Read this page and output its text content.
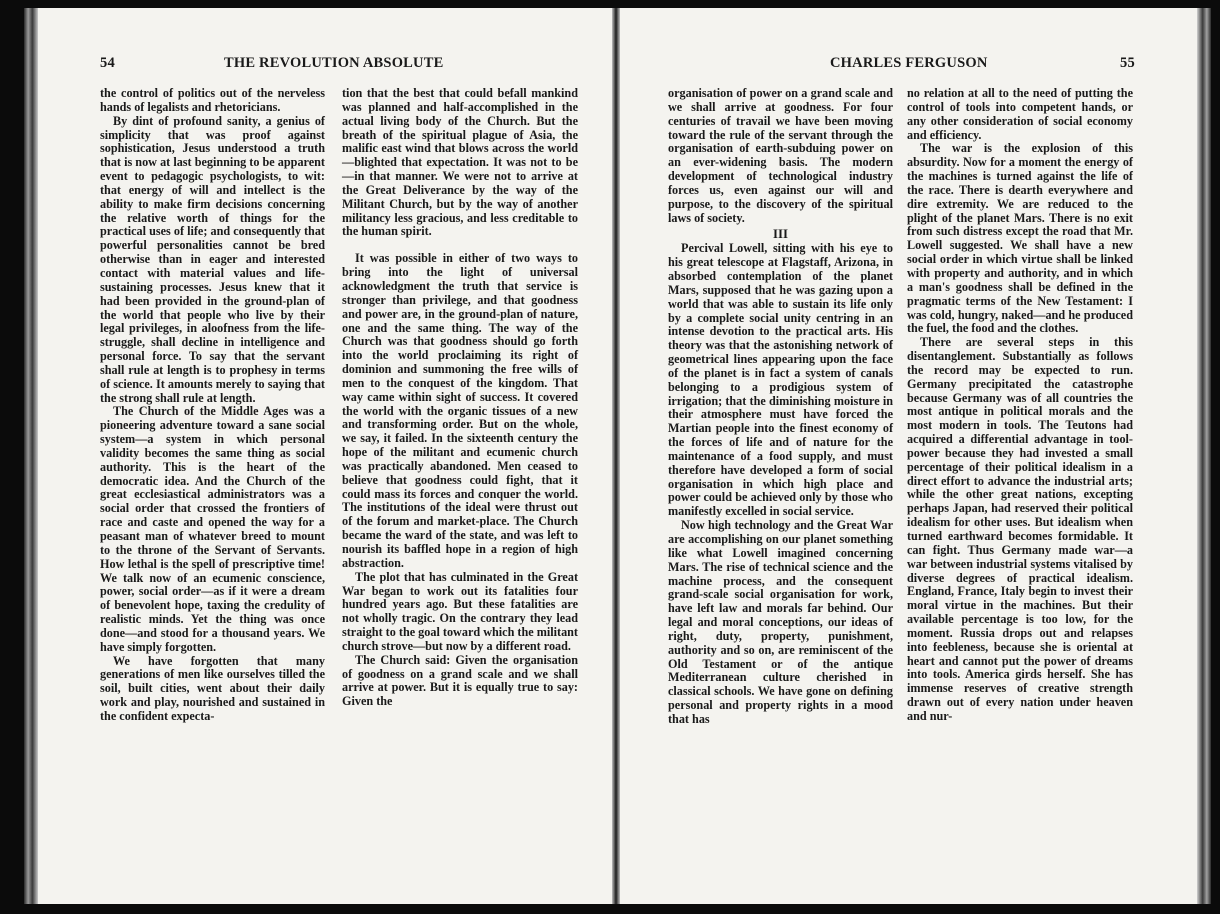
54	THE REVOLUTION ABSOLUTE

the control of politics out of the nerveless hands of legalists and rhetoricians.

By dint of profound sanity, a genius of simplicity that was proof against sophistication, Jesus understood a truth that is now at last beginning to be apparent event to pedagogic psychologists, to wit: that energy of will and intellect is the ability to make firm decisions concerning the relative worth of things for the practical uses of life; and consequently that powerful personalities cannot be bred otherwise than in eager and interested contact with material values and life-sustaining processes. Jesus knew that it had been provided in the ground-plan of the world that people who live by their legal privileges, in aloofness from the life-struggle, shall decline in intelligence and personal force. To say that the servant shall rule at length is to prophesy in terms of science. It amounts merely to saying that the strong shall rule at length.

The Church of the Middle Ages was a pioneering adventure toward a sane social system—a system in which personal validity becomes the same thing as social authority. This is the heart of the democratic idea. And the Church of the great ecclesiastical administrators was a social order that crossed the frontiers of race and caste and opened the way for a peasant man of whatever breed to mount to the throne of the Servant of Servants. How lethal is the spell of prescriptive time! We talk now of an ecumenic conscience, power, social order—as if it were a dream of benevolent hope, taxing the credulity of realistic minds. Yet the thing was once done—and stood for a thousand years. We have simply forgotten.

We have forgotten that many generations of men like ourselves tilled the soil, built cities, went about their daily work and play, nourished and sustained in the confident expecta-

tion that the best that could befall mankind was planned and half-accomplished in the actual living body of the Church. But the breath of the spiritual plague of Asia, the malific east wind that blows across the world—blighted that expectation. It was not to be—in that manner. We were not to arrive at the Great Deliverance by the way of the Militant Church, but by the way of another militancy less gracious, and less creditable to the human spirit.

It was possible in either of two ways to bring into the light of universal acknowledgment the truth that service is stronger than privilege, and that goodness and power are, in the ground-plan of nature, one and the same thing. The way of the Church was that goodness should go forth into the world proclaiming its right of dominion and summoning the free wills of men to the conquest of the kingdom. That way came within sight of success. It covered the world with the organic tissues of a new and transforming order. But on the whole, we say, it failed. In the sixteenth century the hope of the militant and ecumenic church was practically abandoned. Men ceased to believe that goodness could fight, that it could mass its forces and conquer the world. The institutions of the ideal were thrust out of the forum and market-place. The Church became the ward of the state, and was left to nourish its baffled hope in a region of high abstraction.

The plot that has culminated in the Great War began to work out its fatalities four hundred years ago. But these fatalities are not wholly tragic. On the contrary they lead straight to the goal toward which the militant church strove—but now by a different road.

The Church said: Given the organisation of goodness on a grand scale and we shall arrive at power. But it is equally true to say: Given the

CHARLES FERGUSON	55

organisation of power on a grand scale and we shall arrive at goodness. For four centuries of travail we have been moving toward the rule of the servant through the organisation of earth-subduing power on an ever-widening basis. The modern development of technological industry forces us, even against our will and purpose, to the discovery of the spiritual laws of society.

III

Percival Lowell, sitting with his eye to his great telescope at Flagstaff, Arizona, in absorbed contemplation of the planet Mars, supposed that he was gazing upon a world that was able to sustain its life only by a complete social unity centring in an intense devotion to the practical arts. His theory was that the astonishing network of geometrical lines appearing upon the face of the planet is in fact a system of canals belonging to a prodigious system of irrigation; that the diminishing moisture in their atmosphere must have forced the Martian people into the finest economy of the forces of life and of nature for the maintenance of a food supply, and must therefore have developed a form of social organisation in which high place and power could be achieved only by those who manifestly excelled in social service.

Now high technology and the Great War are accomplishing on our planet something like what Lowell imagined concerning Mars. The rise of technical science and the machine process, and the consequent grand-scale social organisation for work, have left law and morals far behind. Our legal and moral conceptions, our ideas of right, duty, property, punishment, authority and so on, are reminiscent of the Old Testament or of the antique Mediterranean culture cherished in classical schools. We have gone on defining personal and property rights in a mood that has

no relation at all to the need of putting the control of tools into competent hands, or any other consideration of social economy and efficiency.

The war is the explosion of this absurdity. Now for a moment the energy of the machines is turned against the life of the race. There is dearth everywhere and dire extremity. We are reduced to the plight of the planet Mars. There is no exit from such distress except the road that Mr. Lowell suggested. We shall have a new social order in which virtue shall be linked with property and authority, and in which a man's goodness shall be defined in the pragmatic terms of the New Testament: I was cold, hungry, naked—and he produced the fuel, the food and the clothes.

There are several steps in this disentanglement. Substantially as follows the record may be expected to run. Germany precipitated the catastrophe because Germany was of all countries the most antique in political morals and the most modern in tools. The Teutons had acquired a differential advantage in tool-power because they had invested a small percentage of their political idealism in a direct effort to advance the industrial arts; while the other great nations, excepting perhaps Japan, had reserved their political idealism for other uses. But idealism when turned earthward becomes formidable. It can fight. Thus Germany made war—a war between industrial systems vitalised by diverse degrees of practical idealism. England, France, Italy begin to invest their moral virtue in the machines. But their available percentage is too low, for the moment. Russia drops out and relapses into feebleness, because she is oriental at heart and cannot put the power of dreams into tools. America girds herself. She has immense reserves of creative strength drawn out of every nation under heaven and nur-
